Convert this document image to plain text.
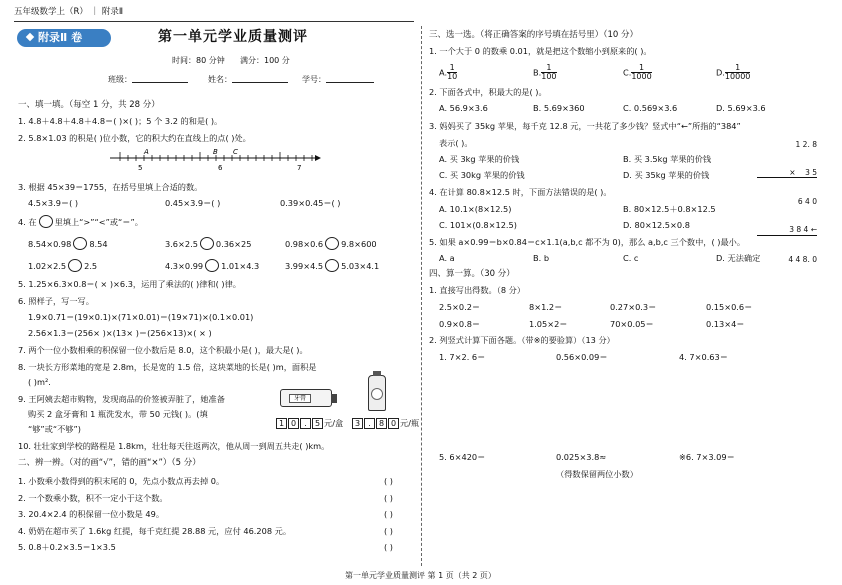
五年级数学上（R） ｜ 附录Ⅱ
附录Ⅱ 卷	第一单元学业质量测评
时间：80 分钟 满分：100 分
班级：	姓名：	学号：
一、填一填。（每空 1 分，共 28 分）
1. 4.8＋4.8＋4.8＋4.8＝( )×( )；5 个 3.2 的和是( )。
2. 5.8×1.03 的积是( )位小数，它的积大约在直线上的点( )处。
A	B C
5	6	7
3. 根据 45×39＝1755，在括号里填上合适的数。
4.5×3.9＝( )	0.45×3.9＝( )	0.39×0.45＝( )
4. 在 里填上“>”“<”或“＝”。
8.54×0.98 8.54	3.6×2.5 0.36×25	0.98×0.6 9.8×600
1.02×2.5 2.5	4.3×0.99 1.01×4.3	3.99×4.5 5.03×4.1
5. 1.25×6.3×0.8＝( × )×6.3，运用了乘法的( )律和( )律。
6. 照样子，写一写。
1.9×0.71＝(19×0.1)×(71×0.01)＝(19×71)×(0.1×0.01)
2.56×1.3＝(256× )×(13× )＝(256×13)×( × )
7. 两个一位小数相乘的积保留一位小数后是 8.0，这个积最小是( )，最大是( )。
8. 一块长方形菜地的宽是 2.8m，长是宽的 1.5 倍，这块菜地的长是( )m，面积是
( )m².
9. 王阿姨去超市购物，发现商品的价签被弄脏了，她准备
购买 2 盒牙膏和 1 瓶洗发水，带 50 元钱( )。(填
“够”或“不够”)
牙膏
1 0 . 5 元/盒	3 . 8 0 元/瓶
10. 壮壮家到学校的路程是 1.8km，壮壮每天往返两次，他从周一到周五共走( )km。
二、辨一辨。（对的画“√”，错的画“×”）（5 分）
1. 小数乘小数得到的积末尾的 0，先点小数点再去掉 0。	( )
2. 一个数乘小数，积不一定小于这个数。	( )
3. 20.4×2.4 的积保留一位小数是 49。	( )
4. 奶奶在超市买了 1.6kg 红提，每千克红提 28.88 元，应付 46.208 元。	( )
5. 0.8＋0.2×3.5＝1×3.5	( )
三、选一选。（将正确答案的序号填在括号里）（10 分）
1. 一个大于 0 的数乘 0.01，就是把这个数缩小到原来的( )。
A. $\frac{1}{10}$	B. $\frac{1}{100}$	C. $\frac{1}{1000}$	D. $\frac{1}{10000}$
2. 下面各式中，积最大的是( )。
A. 56.9×3.6	B. 5.69×360	C. 0.569×3.6	D. 5.69×3.6
3. 妈妈买了 35kg 苹果，每千克 12.8 元，一共花了多少钱？竖式中“←”所指的“384”
表示( )。
A. 买 3kg 苹果的价钱	B. 买 3.5kg 苹果的价钱
C. 买 30kg 苹果的价钱	D. 买 35kg 苹果的价钱

1 2. 8

×    3 5

6 4 0

3 8 4 ←

4 4 8. 0

4. 在计算 80.8×12.5 时，下面方法错误的是( )。
A. 10.1×(8×12.5)	B. 80×12.5＋0.8×12.5
C. 101×(0.8×12.5)	D. 80×12.5×0.8
5. 如果 a×0.99＝b×0.84＝c×1.1(a,b,c 都不为 0)，那么 a,b,c 三个数中，( )最小。
A. a	B. b	C. c	D. 无法确定
四、算一算。（30 分）
1. 直接写出得数。（8 分）
2.5×0.2＝	8×1.2＝	0.27×0.3＝	0.15×0.6＝
0.9×0.8＝	1.05×2＝	70×0.05＝	0.13×4＝
2. 列竖式计算下面各题。（带※的要验算）（13 分）
1. 7×2. 6＝	0.56×0.09＝	4. 7×0.63＝
5. 6×420＝	0.025×3.8≈	※6. 7×3.09＝
（得数保留两位小数）
第一单元学业质量测评 第 1 页（共 2 页）
